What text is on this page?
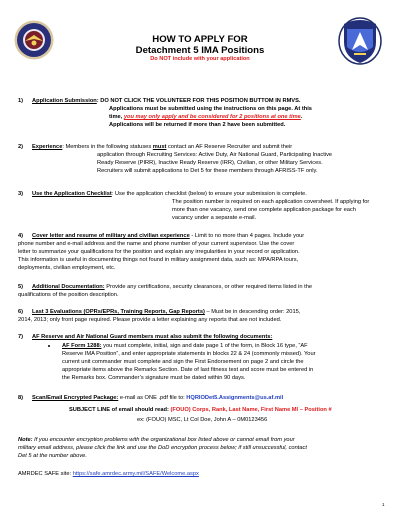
HOW TO APPLY FOR
Detachment 5 IMA Positions
Do NOT include with your application
1) Application Submission: DO NOT CLICK THE VOLUNTEER FOR THIS POSITION BUTTOM IN RMVS.
Applications must be submitted using the instructions on this page. At this
time, you may only apply and be considered for 2 positions at one time.
Applications will be returned if more than 2 have been submitted.
2) Experience: Members in the following statuses must contact an AF Reserve Recruiter and submit their
application through Recruiting Services: Active Duty, Air National Guard, Participating Inactive
Ready Reserve (PIRR), Inactive Ready Reserve (IRR), Civilian, or other Military Services.
Recruiters will submit applications to Det 5 for these members through AFRISS-TF only.
3) Use the Application Checklist: Use the application checklist (below) to ensure your submission is complete.
The position number is required on each application coversheet. If applying for
more than one vacancy, send one complete application package for each
vacancy under a separate e-mail.
4) Cover letter and resume of military and civilian experience - Limit to no more than 4 pages. Include your
phone number and e-mail address and the name and phone number of your current supervisor. Use the cover
letter to summarize your qualifications for the position and explain any irregularities in your record or application.
This information is useful in documenting things not found in military assignment data, such as: MPA/RPA tours,
deployments, civilian employment, etc.
5) Additional Documentation: Provide any certifications, security clearances, or other required items listed in the
qualifications of the position description.
6) Last 3 Evaluations (OPRs/EPRs, Training Reports, Gap Reports) – Must be in descending order: 2015,
2014, 2013; only front page required. Please provide a letter explaining any reports that are not included.
7) AF Reserve and Air National Guard members must also submit the following documents:
AF Form 1288: you must complete, initial, sign and date page 1 of the form, in Block 16 type, “AF
Reserve IMA Position”, and enter appropriate statements in blocks 22 & 24 (commonly missed). Your
current unit commander must complete and sign the First Endorsement on page 2 and circle the
appropriate items above the Remarks Section. Date of last fitness test and score must be entered in
the Remarks box. Commander’s signature must be dated within 90 days.
8) Scan/Email Encrypted Package: e-mail as ONE .pdf file to: HQRIODet5.Assignments@us.af.mil
SUBJECT LINE of email should read: (FOUO) Corps, Rank, Last Name, First Name MI – Position #
ex: (FOUO) MSC, Lt Col Doe, John A – 0M0123456
Note: If you encounter encryption problems with the organizational box listed above or cannot email from your
military email address, please click the link and use the DoD encryption process below; if still unsuccessful, contact
Det 5 at the number above.
AMRDEC SAFE site: https://safe.amrdec.army.mil/SAFE/Welcome.aspx
1
